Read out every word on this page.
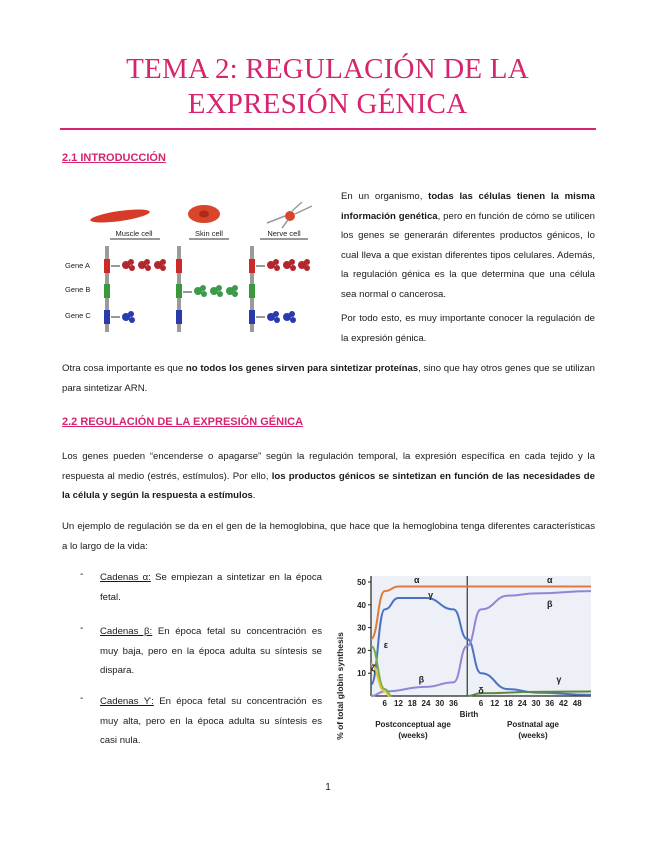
TEMA 2: REGULACIÓN DE LA EXPRESIÓN GÉNICA
2.1 INTRODUCCIÓN
Muscle cell	Skin cell	Nerve cell
Gene A
Gene B
Gene C
En un organismo, todas las células tienen la misma información genética, pero en función de cómo se utilicen los genes se generarán diferentes productos génicos, lo cual lleva a que existan diferentes tipos celulares. Además, la regulación génica es la que determina que una célula sea normal o cancerosa.
Por todo esto, es muy importante conocer la regulación de la expresión génica.
Otra cosa importante es que no todos los genes sirven para sintetizar proteínas, sino que hay otros genes que se utilizan para sintetizar ARN.
2.2 REGULACIÓN DE LA EXPRESIÓN GÉNICA
Los genes pueden “encenderse o apagarse” según la regulación temporal, la expresión específica en cada tejido y la respuesta al medio (estrés, estímulos). Por ello, los productos génicos se sintetizan en función de las necesidades de la célula y según la respuesta a estímulos.
Un ejemplo de regulación se da en el gen de la hemoglobina, que hace que la hemoglobina tenga diferentes características a lo largo de la vida:
-	Cadenas α: Se empiezan a sintetizar en la época fetal.
-	Cadenas β: En época fetal su concentración es muy baja, pero en la época adulta su síntesis se dispara.
-	Cadenas ϒ: En época fetal su concentración es muy alta, pero en la época adulta su síntesis es casi nula.
% of total globin synthesis	Birth
Postconceptual age
(weeks)
Postnatal age
(weeks)
10
20
30
40
50
6 12 18 24 30 36	6 12 18 24 30 36 42 48
α	α
γ
β
β	γ
ε
ζ
δ
1
